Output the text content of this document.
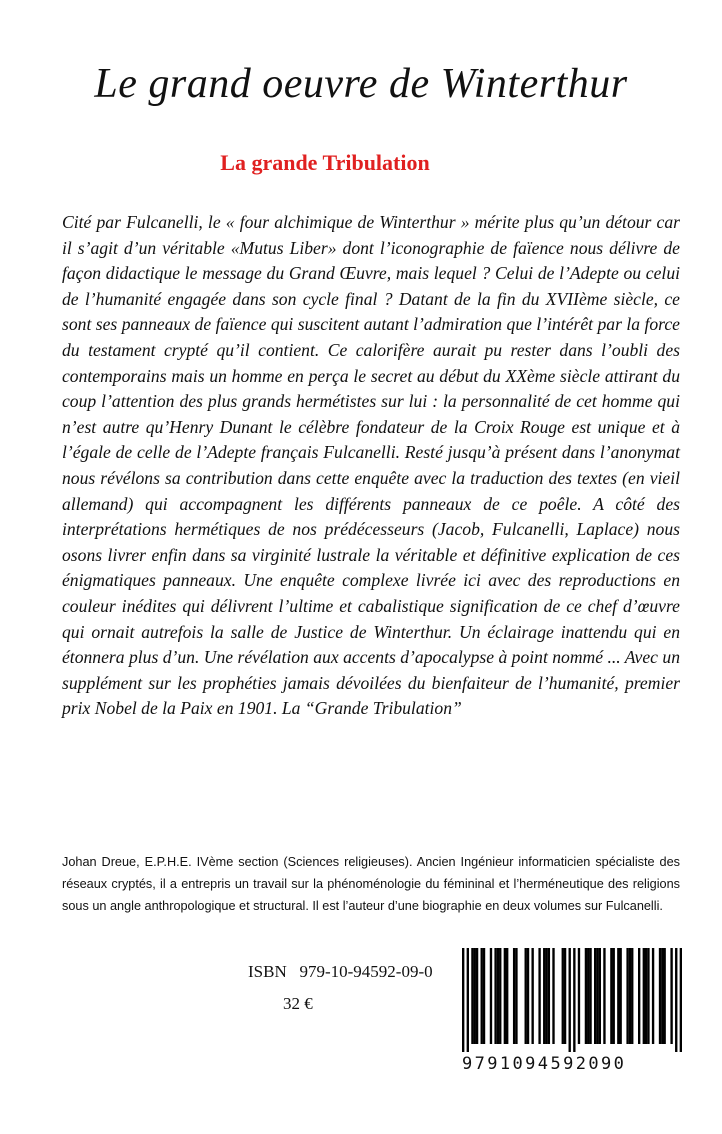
Le grand oeuvre de Winterthur
La grande Tribulation

Cité par Fulcanelli, le « four alchimique de Winterthur » mérite plus qu’un détour car il s’agit d’un véritable «Mutus Liber» dont l’iconographie de faïence nous délivre de façon didactique le message du Grand Œuvre, mais lequel ? Celui de l’Adepte ou celui de l’humanité engagée dans son cycle final ? Datant de la fin du XVIIème siècle, ce sont ses panneaux de faïence qui suscitent autant l’admiration que l’intérêt par la force du testament crypté qu’il contient. Ce calorifère aurait pu rester dans l’oubli des contemporains mais un homme en perça le secret au début du XXème siècle attirant du coup l’attention des plus grands hermétistes sur lui : la personnalité de cet homme qui n’est autre qu’Henry Dunant le célèbre fondateur de la Croix Rouge est unique et à l’égale de celle de l’Adepte français Fulcanelli. Resté jusqu’à présent dans l’anonymat nous révélons sa contribution dans cette enquête avec la traduction des textes (en vieil allemand) qui accompagnent les différents panneaux de ce poêle. A côté des interprétations hermétiques de nos prédécesseurs (Jacob, Fulcanelli, Laplace) nous osons livrer enfin dans sa virginité lustrale la véritable et définitive explication de ces énigmatiques panneaux. Une enquête complexe livrée ici avec des reproductions en couleur inédites qui délivrent l’ultime et cabalistique signification de ce chef d’œuvre qui ornait autrefois la salle de Justice de Winterthur. Un éclairage inattendu qui en étonnera plus d’un. Une révélation aux accents d’apocalypse à point nommé ... Avec un supplément sur les prophéties jamais dévoilées du bienfaiteur de l’humanité, premier prix Nobel de la Paix en 1901. La “Grande Tribulation”

Johan Dreue, E.P.H.E. IVème section (Sciences religieuses). Ancien Ingénieur informaticien spécialiste des réseaux cryptés, il a entrepris un travail sur la phénoménologie du fémininal et l’herméneutique des religions sous un angle anthropologique et structural. Il est l’auteur d’une biographie en deux volumes sur Fulcanelli.

ISBN 979-10-94592-09-0
32 €
9791094592090
